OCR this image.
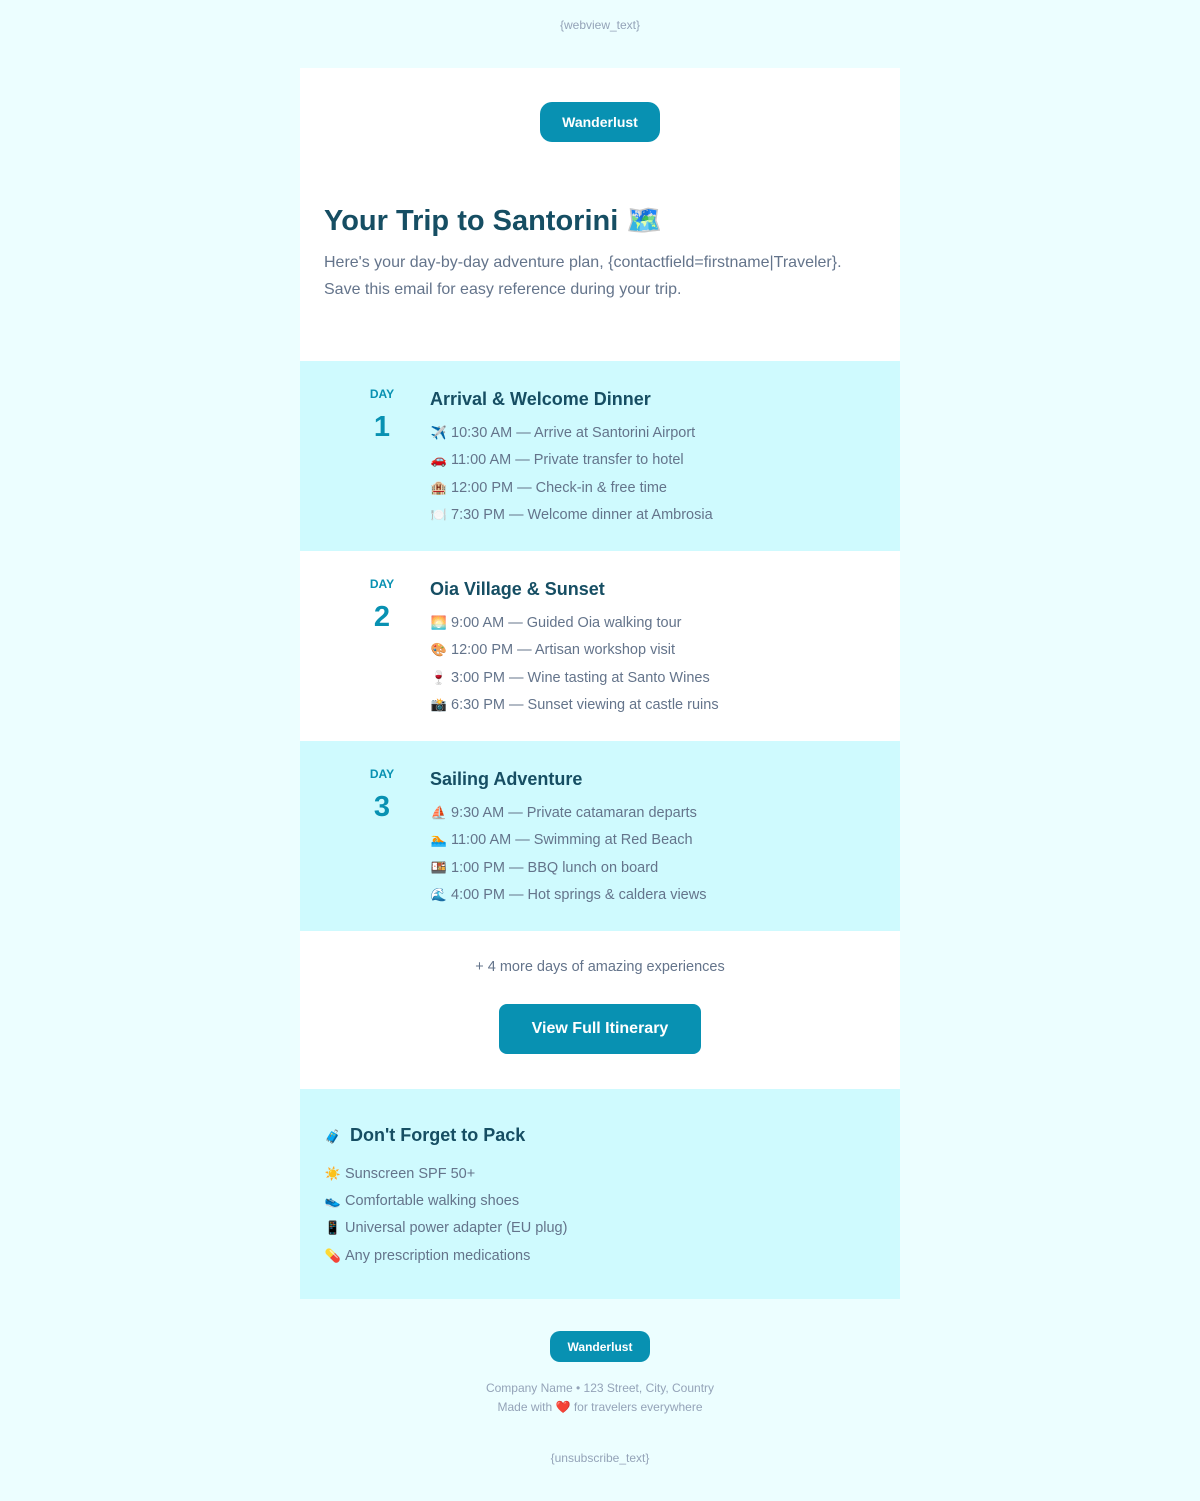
{webview_text}
Wanderlust
Your Trip to Santorini 🗺️

Here's your day-by-day adventure plan, {contactfield=firstname|Traveler}. Save this email for easy reference during your trip.

DAY
1
Arrival & Welcome Dinner
✈️ 10:30 AM — Arrive at Santorini Airport
🚗 11:00 AM — Private transfer to hotel
🏨 12:00 PM — Check-in & free time
🍽️ 7:30 PM — Welcome dinner at Ambrosia
DAY
2
Oia Village & Sunset
🌅 9:00 AM — Guided Oia walking tour
🎨 12:00 PM — Artisan workshop visit
🍷 3:00 PM — Wine tasting at Santo Wines
📸 6:30 PM — Sunset viewing at castle ruins
DAY
3
Sailing Adventure
⛵ 9:30 AM — Private catamaran departs
🏊 11:00 AM — Swimming at Red Beach
🍱 1:00 PM — BBQ lunch on board
🌊 4:00 PM — Hot springs & caldera views
+ 4 more days of amazing experiences
View Full Itinerary
🧳 Don't Forget to Pack
☀️ Sunscreen SPF 50+
👟 Comfortable walking shoes
📱 Universal power adapter (EU plug)
💊 Any prescription medications
Wanderlust
Company Name • 123 Street, City, Country
Made with ❤️ for travelers everywhere
{unsubscribe_text}
